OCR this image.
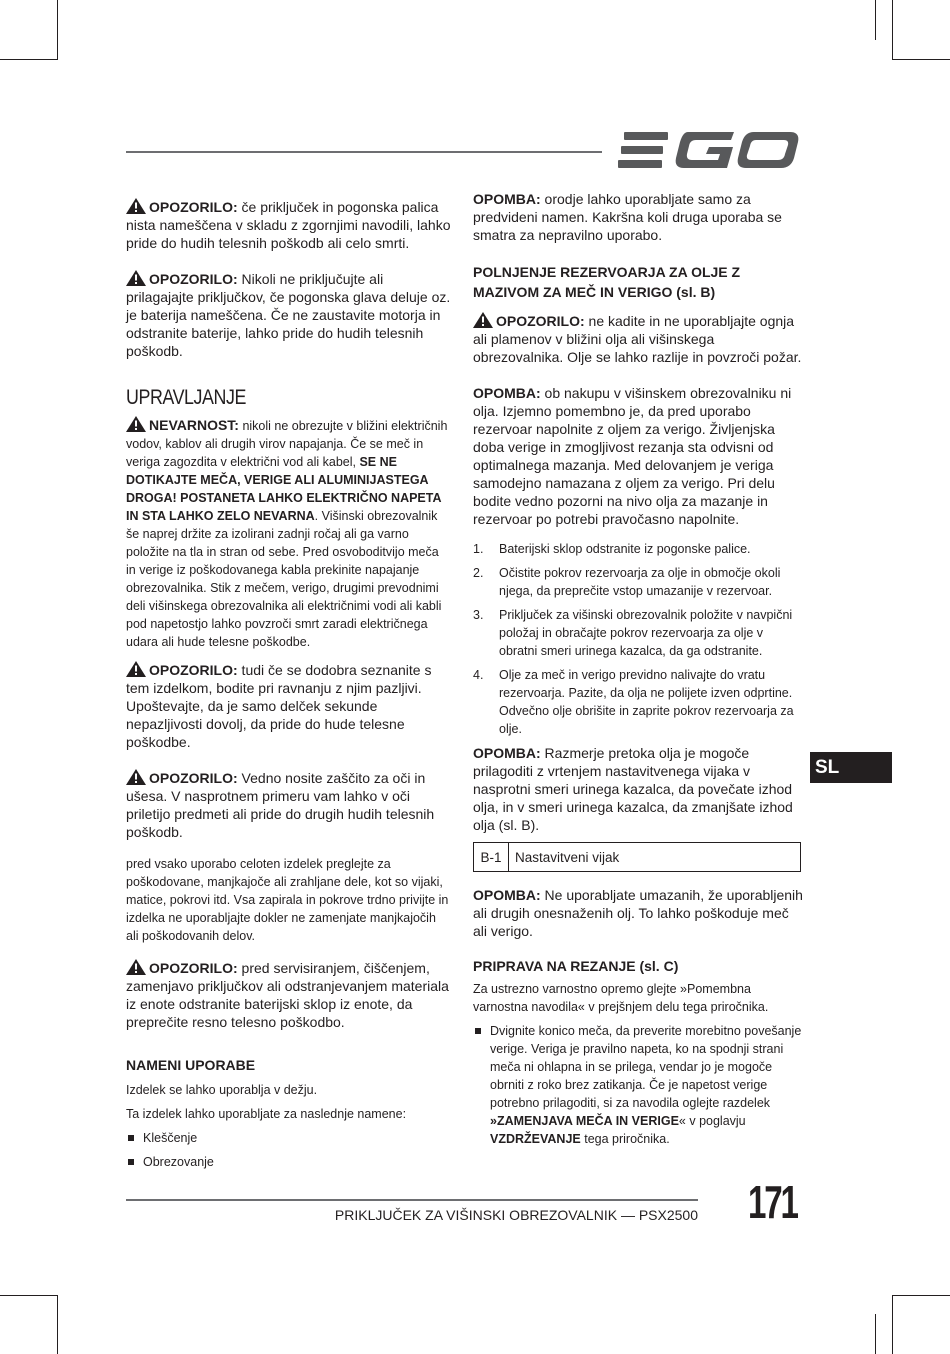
OPOZORILO: če priključek in pogonska palica nista nameščena v skladu z zgornjimi navodili, lahko pride do hudih telesnih poškodb ali celo smrti.

OPOZORILO: Nikoli ne priključujte ali prilagajajte priključkov, če pogonska glava deluje oz. je baterija nameščena. Če ne zaustavite motorja in odstranite baterije, lahko pride do hudih telesnih poškodb.

UPRAVLJANJE

NEVARNOST: nikoli ne obrezujte v bližini električnih vodov, kablov ali drugih virov napajanja. Če se meč in veriga zagozdita v električni vod ali kabel, SE NE DOTIKAJTE MEČA, VERIGE ALI ALUMINIJASTEGA DROGA! POSTANETA LAHKO ELEKTRIČNO NAPETA IN STA LAHKO ZELO NEVARNA. Višinski obrezovalnik še naprej držite za izolirani zadnji ročaj ali ga varno položite na tla in stran od sebe. Pred osvoboditvijo meča in verige iz poškodovanega kabla prekinite napajanje obrezovalnika. Stik z mečem, verigo, drugimi prevodnimi deli višinskega obrezovalnika ali električnimi vodi ali kabli pod napetostjo lahko povzroči smrt zaradi električnega udara ali hude telesne poškodbe.

OPOZORILO: tudi če se dodobra seznanite s tem izdelkom, bodite pri ravnanju z njim pazljivi. Upoštevajte, da je samo delček sekunde nepazljivosti dovolj, da pride do hude telesne poškodbe.

OPOZORILO: Vedno nosite zaščito za oči in ušesa. V nasprotnem primeru vam lahko v oči priletijo predmeti ali pride do drugih hudih telesnih poškodb.

pred vsako uporabo celoten izdelek preglejte za poškodovane, manjkajoče ali zrahljane dele, kot so vijaki, matice, pokrovi itd. Vsa zapirala in pokrove trdno privijte in izdelka ne uporabljajte dokler ne zamenjate manjkajočih ali poškodovanih delov.

OPOZORILO: pred servisiranjem, čiščenjem, zamenjavo priključkov ali odstranjevanjem materiala iz enote odstranite baterijski sklop iz enote, da preprečite resno telesno poškodbo.

NAMENI UPORABE

Izdelek se lahko uporablja v dežju.

Ta izdelek lahko uporabljate za naslednje namene:

Kleščenje
Obrezovanje

OPOMBA: orodje lahko uporabljate samo za predvideni namen. Kakršna koli druga uporaba se smatra za nepravilno uporabo.

POLNJENJE REZERVOARJA ZA OLJE Z MAZIVOM ZA MEČ IN VERIGO (sl. B)

OPOZORILO: ne kadite in ne uporabljajte ognja ali plamenov v bližini olja ali višinskega obrezovalnika. Olje se lahko razlije in povzroči požar.

OPOMBA: ob nakupu v višinskem obrezovalniku ni olja. Izjemno pomembno je, da pred uporabo rezervoar napolnite z oljem za verigo. Življenjska doba verige in zmogljivost rezanja sta odvisni od optimalnega mazanja. Med delovanjem je veriga samodejno namazana z oljem za verigo. Pri delu bodite vedno pozorni na nivo olja za mazanje in rezervoar po potrebi pravočasno napolnite.

1. Baterijski sklop odstranite iz pogonske palice.
2. Očistite pokrov rezervoarja za olje in območje okoli njega, da preprečite vstop umazanije v rezervoar.
3. Priključek za višinski obrezovalnik položite v navpični položaj in obračajte pokrov rezervoarja za olje v obratni smeri urinega kazalca, da ga odstranite.
4. Olje za meč in verigo previdno nalivajte do vratu rezervoarja. Pazite, da olja ne polijete izven odprtine. Odvečno olje obrišite in zaprite pokrov rezervoarja za olje.

OPOMBA: Razmerje pretoka olja je mogoče prilagoditi z vrtenjem nastavitvenega vijaka v nasprotni smeri urinega kazalca, da povečate izhod olja, in v smeri urinega kazalca, da zmanjšate izhod olja (sl. B).

B-1	Nastavitveni vijak

OPOMBA: Ne uporabljate umazanih, že uporabljenih ali drugih onesnaženih olj. To lahko poškoduje meč ali verigo.

PRIPRAVA NA REZANJE (sl. C)

Za ustrezno varnostno opremo glejte »Pomembna varnostna navodila« v prejšnjem delu tega priročnika.

Dvignite konico meča, da preverite morebitno povešanje verige. Veriga je pravilno napeta, ko na spodnji strani meča ni ohlapna in se prilega, vendar jo je mogoče obrniti z roko brez zatikanja. Če je napetost verige potrebno prilagoditi, si za navodila oglejte razdelek »ZAMENJAVA MEČA IN VERIGE« v poglavju VZDRŽEVANJE tega priročnika.
SL
PRIKLJUČEK ZA VIŠINSKI OBREZOVALNIK — PSX2500 171
